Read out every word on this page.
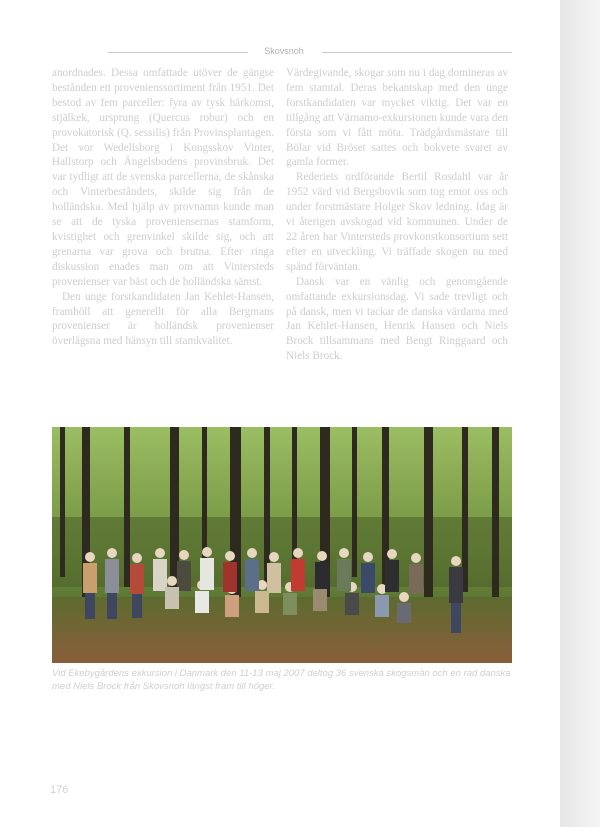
Skovsnoh

anordnades. Dessa omfattade utöver de gängse bestånden ett provenienssortiment från 1951. Det bestod av fem parceller: fyra av tysk härkomst, stjälkek, ursprung (Quercus robur) och en provokatorisk (Q. sessilis) från Provinsplantagen. Det vor Wedellsborg i Kongsskov Vinter, Hallstorp och Ängelsbodens provinsbruk. Det var tydligt att de svenska parcellerna, de skånska och Vinterbeståndets, skilde sig från de holländska. Med hjälp av provnamn kunde man se att de tyska proveniensernas stamform, kvistighet och grenvinkel skilde sig, och att grenarna var grova och brutna. Efter ringa diskussion enades man om att Vintersteds provenienser var bäst och de holländska sämst.

Den unge forstkandidaten Jan Kehlet-Hansen, framhöll att generellt för alla Bergmans provenienser är holländsk provenienser överlägsna med hänsyn till stamkvalitet.

Värdegivande, skogar som nu i dag domineras av fem stamtal. Deras bekantskap med den unge forstkandidaten var mycket viktig. Det var en tillgång att Värnamo-exkursionen kunde vara den första som vi fått möta. Trädgårdsmästare till Bölar vid Bröset sattes och bokvete svaret av gamla former.

Rederiets ordförande Bertil Rosdahl var år 1952 värd vid Bergsbovik som tog emot oss och under forstmästare Holger Skov ledning. Idag är vi återigen avskogad vid kommunen. Under de 22 åren har Vintersteds provkonstkonsortium sett efter en utveckling. Vi träffade skogen nu med spänd förväntan.

Dansk var en vänlig och genomgående omfattande exkursionsdag. Vi sade trevligt och på dansk, men vi tackar de danska värdarna med Jan Kehlet-Hansen, Henrik Hansen och Niels Brock tillsammans med Bengt Ringgaard och Niels Brock.

Vid Ekebygårdens exkursion i Danmark den 11-13 maj 2007 deltog 36 svenska skogsmän och en rad danska med Niels Brock från Skovsnoh längst fram till höger.
176
